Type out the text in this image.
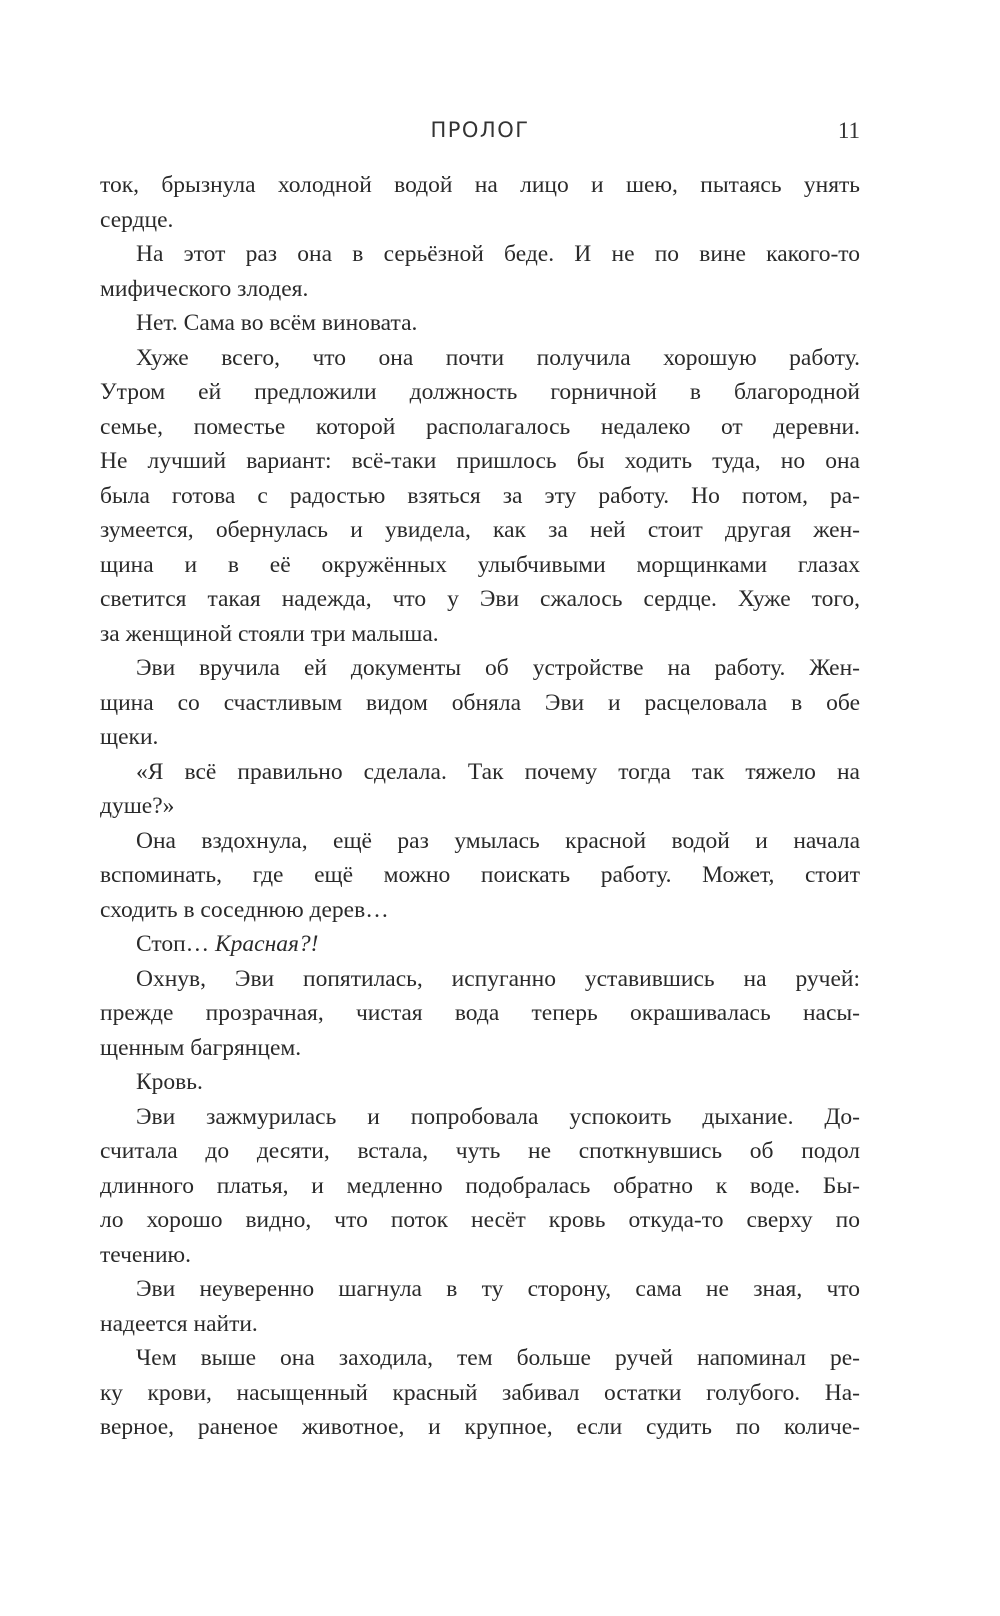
ПРОЛОГ	11
ток, брызнула холодной водой на лицо и шею, пытаясь унять
сердце.
На этот раз она в серьёзной беде. И не по вине какого-то
мифического злодея.
Нет. Сама во всём виновата.
Хуже всего, что она почти получила хорошую работу.
Утром ей предложили должность горничной в благородной
семье, поместье которой располагалось недалеко от деревни.
Не лучший вариант: всё-таки пришлось бы ходить туда, но она
была готова с радостью взяться за эту работу. Но потом, ра-
зумеется, обернулась и увидела, как за ней стоит другая жен-
щина и в её окружённых улыбчивыми морщинками глазах
светится такая надежда, что у Эви сжалось сердце. Хуже того,
за женщиной стояли три малыша.
Эви вручила ей документы об устройстве на работу. Жен-
щина со счастливым видом обняла Эви и расцеловала в обе
щеки.
«Я всё правильно сделала. Так почему тогда так тяжело на
душе?»
Она вздохнула, ещё раз умылась красной водой и начала
вспоминать, где ещё можно поискать работу. Может, стоит
сходить в соседнюю дерев…
Стоп… Красная?!
Охнув, Эви попятилась, испуганно уставившись на ручей:
прежде прозрачная, чистая вода теперь окрашивалась насы-
щенным багрянцем.
Кровь.
Эви зажмурилась и попробовала успокоить дыхание. До-
считала до десяти, встала, чуть не споткнувшись об подол
длинного платья, и медленно подобралась обратно к воде. Бы-
ло хорошо видно, что поток несёт кровь откуда-то сверху по
течению.
Эви неуверенно шагнула в ту сторону, сама не зная, что
надеется найти.
Чем выше она заходила, тем больше ручей напоминал ре-
ку крови, насыщенный красный забивал остатки голубого. На-
верное, раненое животное, и крупное, если судить по количе-
